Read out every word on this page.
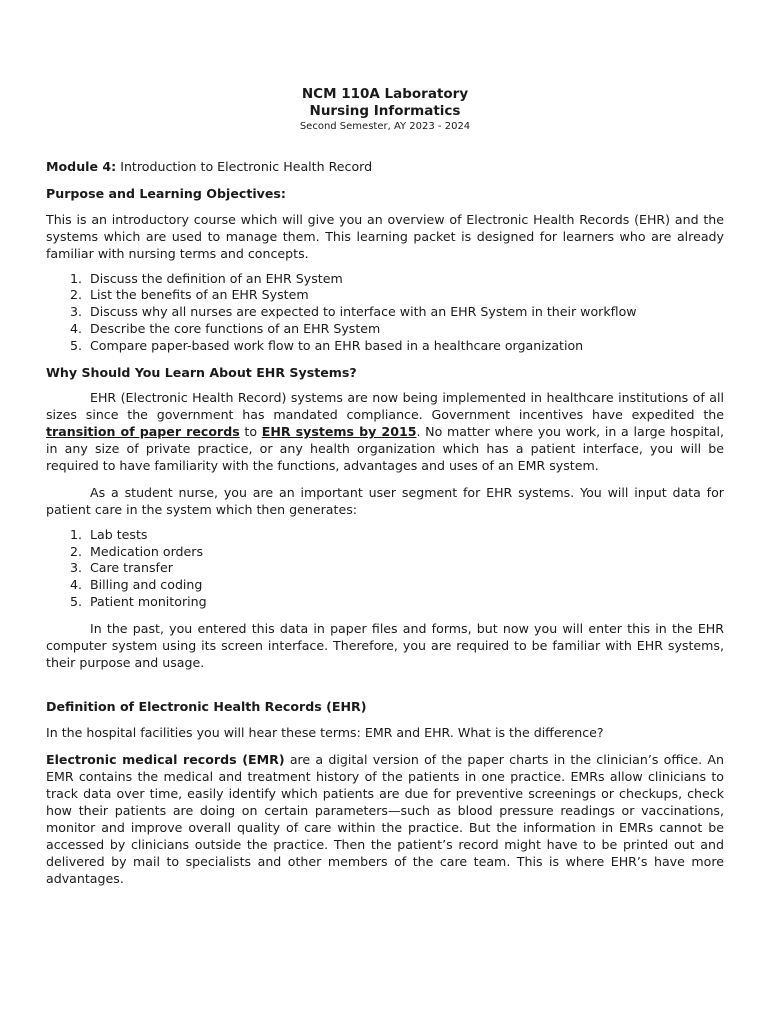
NCM 110A Laboratory
Nursing Informatics
Second Semester, AY 2023 - 2024

Module 4: Introduction to Electronic Health Record

Purpose and Learning Objectives:

This is an introductory course which will give you an overview of Electronic Health Records (EHR) and the systems which are used to manage them. This learning packet is designed for learners who are already familiar with nursing terms and concepts.

1. Discuss the definition of an EHR System
2. List the benefits of an EHR System
3. Discuss why all nurses are expected to interface with an EHR System in their workflow
4. Describe the core functions of an EHR System
5. Compare paper-based work flow to an EHR based in a healthcare organization
Why Should You Learn About EHR Systems?

EHR (Electronic Health Record) systems are now being implemented in healthcare institutions of all sizes since the government has mandated compliance. Government incentives have expedited the transition of paper records to EHR systems by 2015. No matter where you work, in a large hospital, in any size of private practice, or any health organization which has a patient interface, you will be required to have familiarity with the functions, advantages and uses of an EMR system.

As a student nurse, you are an important user segment for EHR systems. You will input data for patient care in the system which then generates:

1. Lab tests
2. Medication orders
3. Care transfer
4. Billing and coding
5. Patient monitoring

In the past, you entered this data in paper files and forms, but now you will enter this in the EHR computer system using its screen interface. Therefore, you are required to be familiar with EHR systems, their purpose and usage.

Definition of Electronic Health Records (EHR)

In the hospital facilities you will hear these terms: EMR and EHR. What is the difference?

Electronic medical records (EMR) are a digital version of the paper charts in the clinician’s office. An EMR contains the medical and treatment history of the patients in one practice. EMRs allow clinicians to track data over time, easily identify which patients are due for preventive screenings or checkups, check how their patients are doing on certain parameters—such as blood pressure readings or vaccinations, monitor and improve overall quality of care within the practice. But the information in EMRs cannot be accessed by clinicians outside the practice. Then the patient’s record might have to be printed out and delivered by mail to specialists and other members of the care team. This is where EHR’s have more advantages.
